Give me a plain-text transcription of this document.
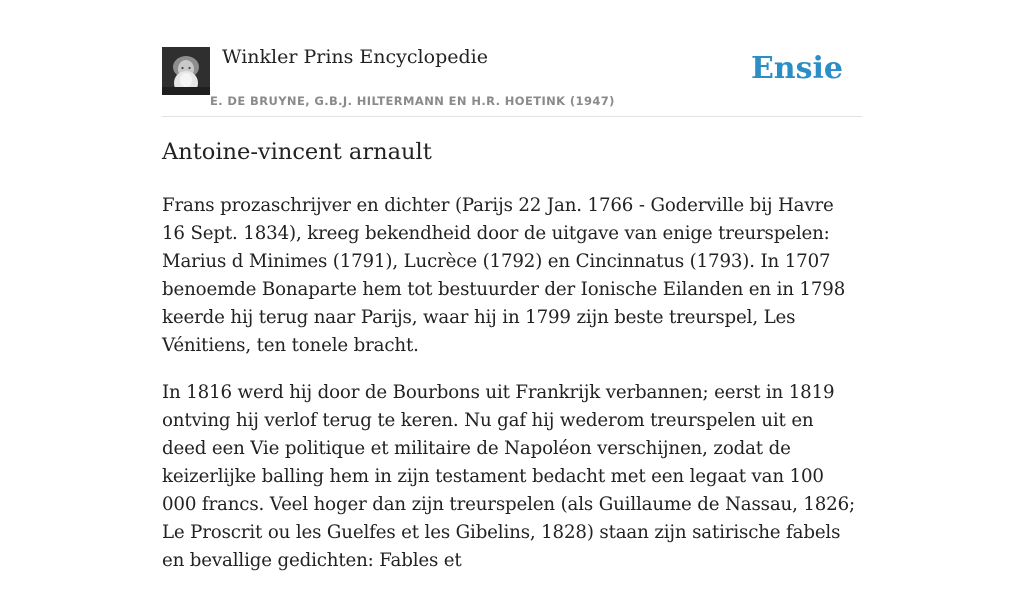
Winkler Prins Encyclopedie
E. DE BRUYNE, G.B.J. HILTERMANN EN H.R. HOETINK (1947)
Ensie
Antoine-vincent arnault

Frans prozaschrijver en dichter (Parijs 22 Jan. 1766 - Goderville bij Havre 16 Sept. 1834), kreeg bekendheid door de uitgave van enige treurspelen: Marius d Minimes (1791), Lucrèce (1792) en Cincinnatus (1793). In 1707 benoemde Bonaparte hem tot bestuurder der Ionische Eilanden en in 1798 keerde hij terug naar Parijs, waar hij in 1799 zijn beste treurspel, Les Vénitiens, ten tonele bracht.

In 1816 werd hij door de Bourbons uit Frankrijk verbannen; eerst in 1819 ontving hij verlof terug te keren. Nu gaf hij wederom treurspelen uit en deed een Vie politique et militaire de Napoléon verschijnen, zodat de keizerlijke balling hem in zijn testament bedacht met een legaat van 100 000 francs. Veel hoger dan zijn treurspelen (als Guillaume de Nassau, 1826; Le Proscrit ou les Guelfes et les Gibelins, 1828) staan zijn satirische fabels en bevallige gedichten: Fables et
